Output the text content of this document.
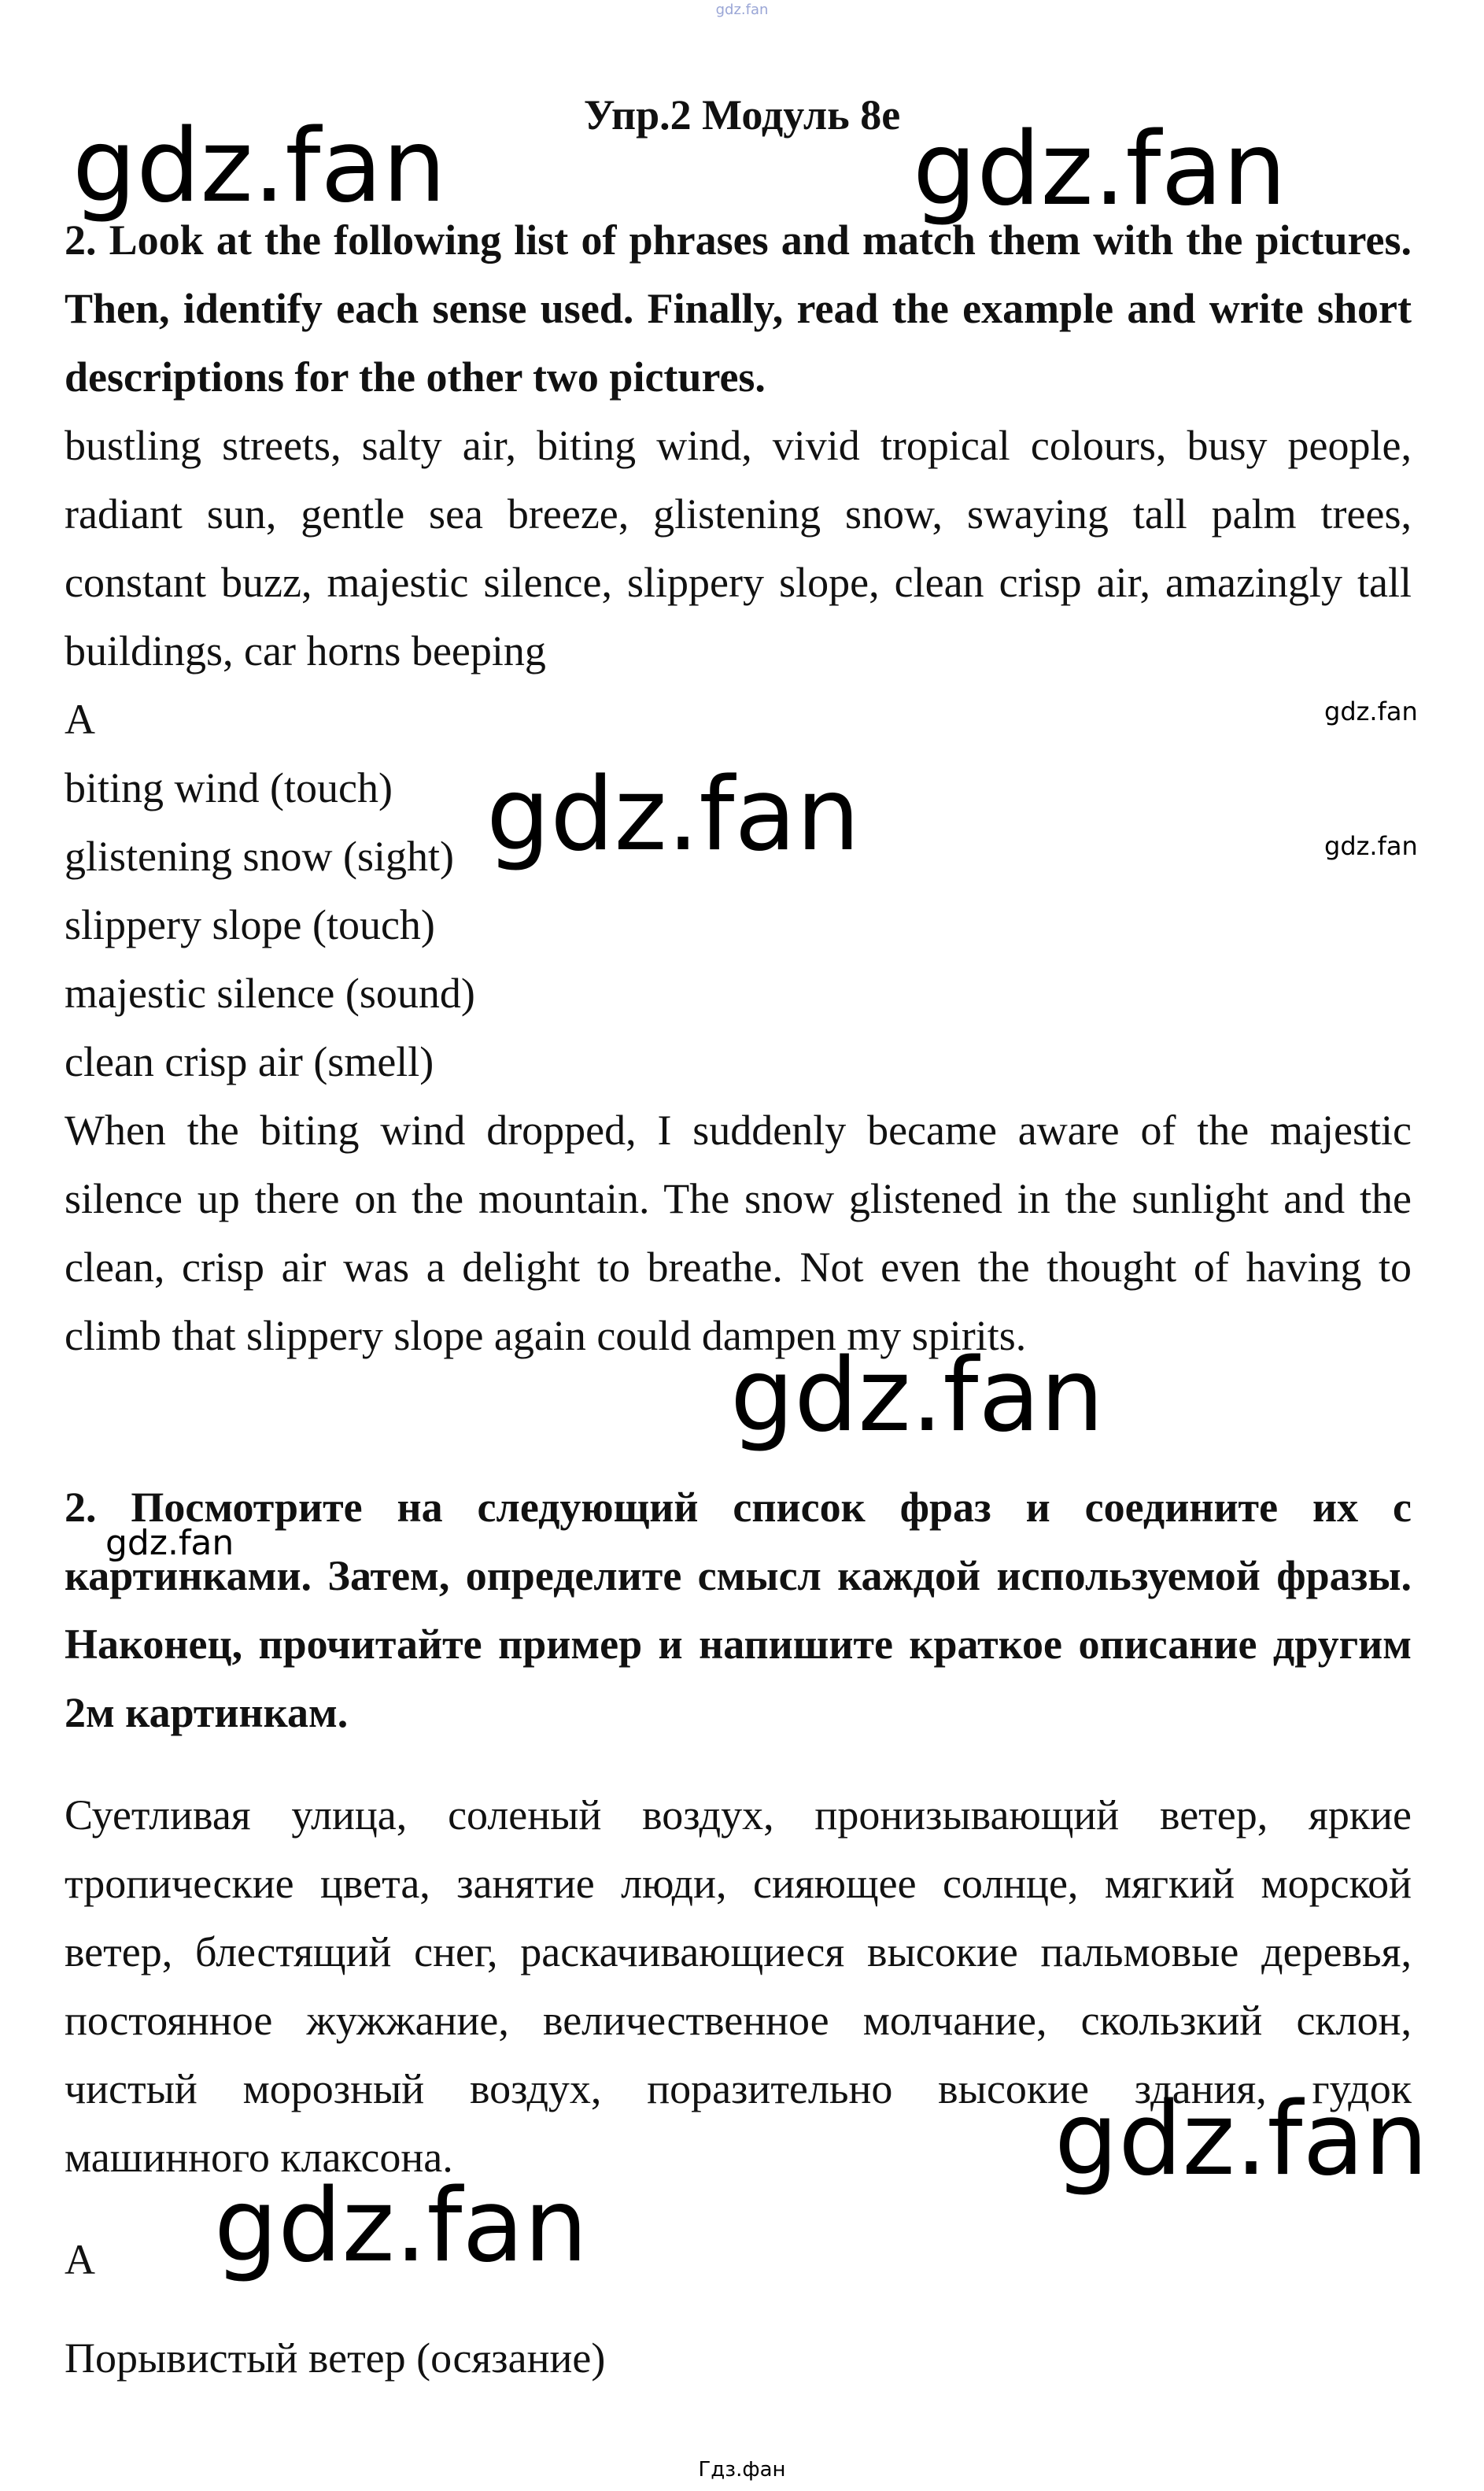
gdz.fan
Упр.2 Модуль 8е
2. Look at the following list of phrases and match them with the pictures. Then, identify each sense used. Finally, read the example and write short descriptions for the other two pictures.
bustling streets, salty air, biting wind, vivid tropical colours, busy people, radiant sun, gentle sea breeze, glistening snow, swaying tall palm trees, constant buzz, majestic silence, slippery slope, clean crisp air, amazingly tall buildings, car horns beeping
A
biting wind (touch)
glistening snow (sight)
slippery slope (touch)
majestic silence (sound)
clean crisp air (smell)
When the biting wind dropped, I suddenly became aware of the majestic silence up there on the mountain. The snow glistened in the sunlight and the clean, crisp air was a delight to breathe. Not even the thought of having to climb that slippery slope again could dampen my spirits.
2. Посмотрите на следующий список фраз и соедините их с картинками. Затем, определите смысл каждой используемой фразы. Наконец, прочитайте пример и напишите краткое описание другим 2м картинкам.
Суетливая улица, соленый воздух, пронизывающий ветер, яркие тропические цвета, занятие люди, сияющее солнце, мягкий морской ветер, блестящий снег, раскачивающиеся высокие пальмовые деревья, постоянное жужжание, величественное молчание, скользкий склон, чистый морозный воздух, поразительно высокие здания, гудок машинного клаксона.
А
Порывистый ветер (осязание)
gdz.fan	gdz.fan
gdz.fan
gdz.fan
gdz.fan
gdz.fan
gdz.fan
gdz.fan
gdz.fan
Гдз.фан
